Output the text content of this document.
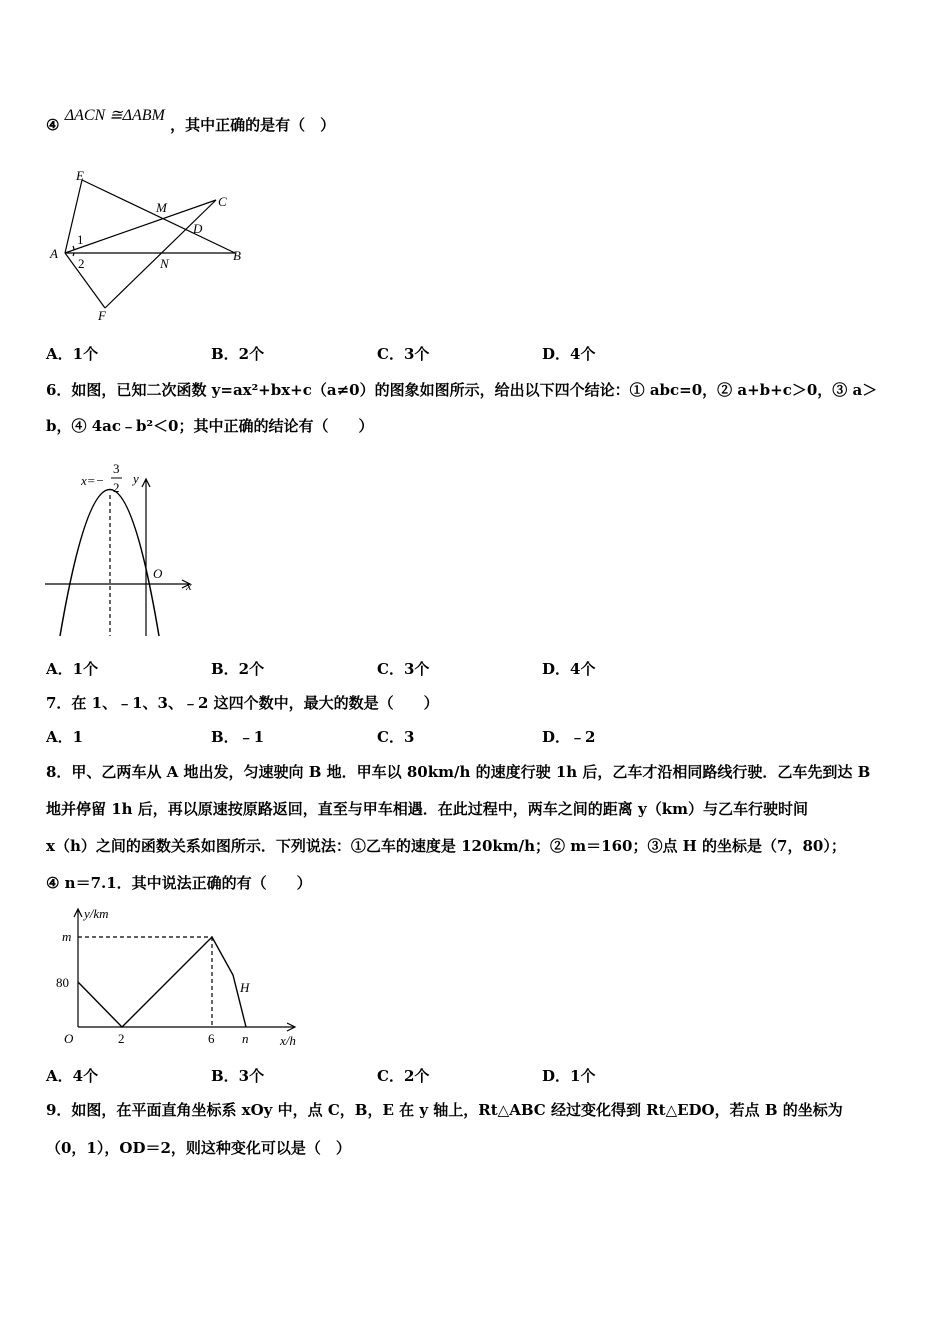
④ ΔACN ≅ΔABM ，其中正确的是有（　）
E
M	C
D
1
A
2	N
B
F
A．1个	B．2个	C．3个	D．4个
6．如图，已知二次函数 y=ax²+bx+c（a≠0）的图象如图所示，给出以下四个结论：① abc=0，② a+b+c＞0，③ a＞
b，④ 4ac﹣b²＜0；其中正确的结论有（　　）
x=−
3
2
y
O
x
A．1个	B．2个	C．3个	D．4个
7．在 1、﹣1、3、﹣2 这四个数中，最大的数是（　　）
A．1	B．﹣1	C．3	D．﹣2
8．甲、乙两车从 A 地出发，匀速驶向 B 地．甲车以 80km/h 的速度行驶 1h 后，乙车才沿相同路线行驶．乙车先到达 B
地并停留 1h 后，再以原速按原路返回，直至与甲车相遇．在此过程中，两车之间的距离 y（km）与乙车行驶时间
x（h）之间的函数关系如图所示．下列说法：①乙车的速度是 120km/h；② m＝160；③点 H 的坐标是（7，80）；
④ n＝7.1．其中说法正确的有（　　）
y/km
m
80
O	2	6 n x/h
H
A．4个	B．3个	C．2个	D．1个
9．如图，在平面直角坐标系 xOy 中，点 C，B，E 在 y 轴上，Rt△ABC 经过变化得到 Rt△EDO，若点 B 的坐标为
（0，1），OD＝2，则这种变化可以是（　）
